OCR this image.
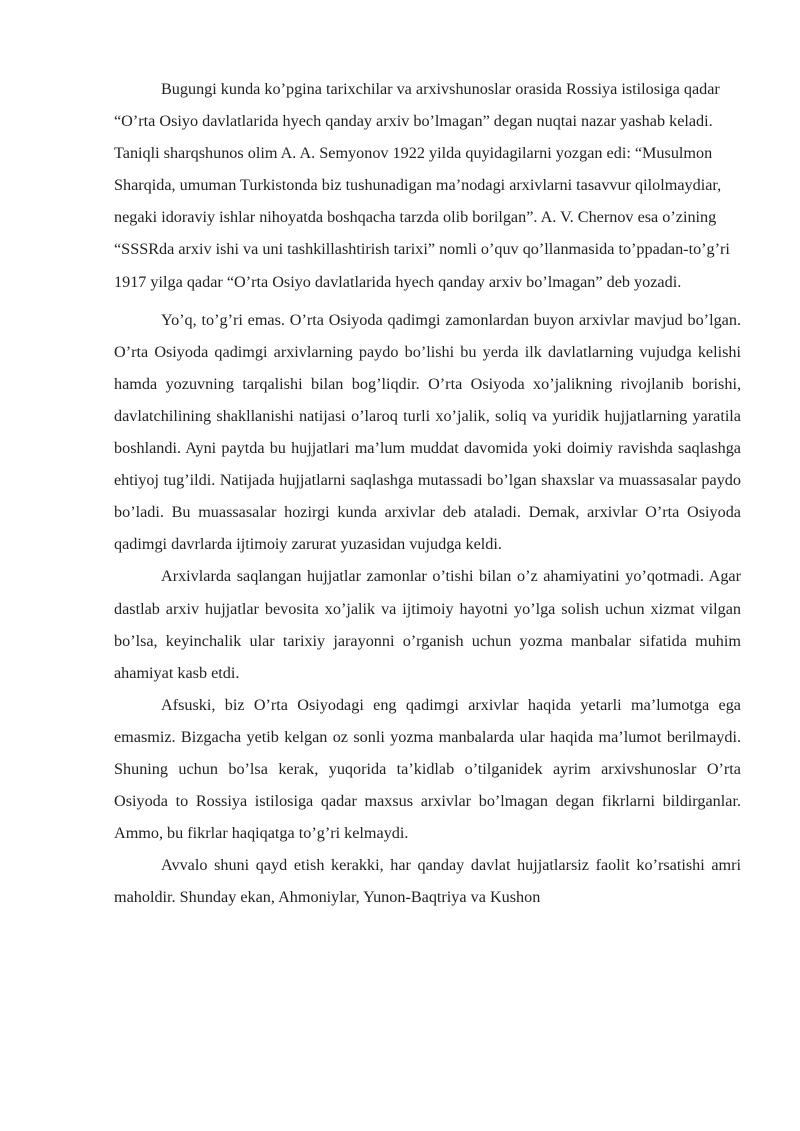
Bugungi kunda ko’pgina tarixchilar va arxivshunoslar orasida Rossiya istilosiga qadar “O’rta Osiyo davlatlarida hyech qanday arxiv bo’lmagan” degan nuqtai nazar yashab keladi. Taniqli sharqshunos olim A. A. Semyonov 1922 yilda quyidagilarni yozgan edi: “Musulmon Sharqida, umuman Turkistonda biz tushunadigan ma’nodagi arxivlarni tasavvur qilolmaydiar, negaki idoraviy ishlar nihoyatda boshqacha tarzda olib borilgan”. A. V. Chernov esa o’zining “SSSRda arxiv ishi va uni tashkillashtirish tarixi” nomli o’quv qo’llanmasida to’ppadan-to’g’ri 1917 yilga qadar “O’rta Osiyo davlatlarida hyech qanday arxiv bo’lmagan” deb yozadi.

Yo’q, to’g’ri emas. O’rta Osiyoda qadimgi zamonlardan buyon arxivlar mavjud bo’lgan. O’rta Osiyoda qadimgi arxivlarning paydo bo’lishi bu yerda ilk davlatlarning vujudga kelishi hamda yozuvning tarqalishi bilan bog’liqdir. O’rta Osiyoda xo’jalikning rivojlanib borishi, davlatchilining shakllanishi natijasi o’laroq turli xo’jalik, soliq va yuridik hujjatlarning yaratila boshlandi. Ayni paytda bu hujjatlari ma’lum muddat davomida yoki doimiy ravishda saqlashga ehtiyoj tug’ildi. Natijada hujjatlarni saqlashga mutassadi bo’lgan shaxslar va muassasalar paydo bo’ladi. Bu muassasalar hozirgi kunda arxivlar deb ataladi. Demak, arxivlar O’rta Osiyoda qadimgi davrlarda ijtimoiy zarurat yuzasidan vujudga keldi.

Arxivlarda saqlangan hujjatlar zamonlar o’tishi bilan o’z ahamiyatini yo’qotmadi. Agar dastlab arxiv hujjatlar bevosita xo’jalik va ijtimoiy hayotni yo’lga solish uchun xizmat vilgan bo’lsa, keyinchalik ular tarixiy jarayonni o’rganish uchun yozma manbalar sifatida muhim ahamiyat kasb etdi.

Afsuski, biz O’rta Osiyodagi eng qadimgi arxivlar haqida yetarli ma’lumotga ega emasmiz. Bizgacha yetib kelgan oz sonli yozma manbalarda ular haqida ma’lumot berilmaydi. Shuning uchun bo’lsa kerak, yuqorida ta’kidlab o’tilganidek ayrim arxivshunoslar O’rta Osiyoda to Rossiya istilosiga qadar maxsus arxivlar bo’lmagan degan fikrlarni bildirganlar. Ammo, bu fikrlar haqiqatga to’g’ri kelmaydi.

Avvalo shuni qayd etish kerakki, har qanday davlat hujjatlarsiz faolit ko’rsatishi amri maholdir. Shunday ekan, Ahmoniylar, Yunon-Baqtriya va Kushon
